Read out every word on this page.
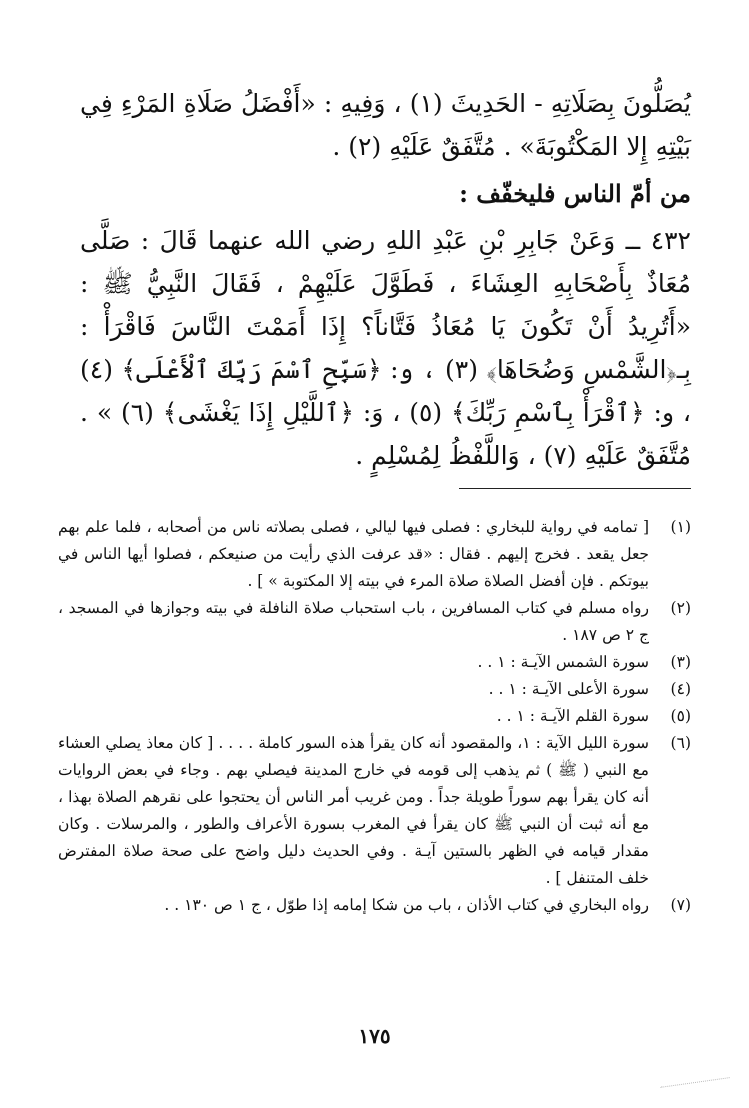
يُصَلُّونَ بِصَلَاتِهِ - الحَدِيثَ (١) ، وَفِيهِ : «أَفْضَلُ صَلَاةِ المَرْءِ فِي بَيْتِهِ إِلا المَكْتُوبَةَ» . مُتَّفَقٌ عَلَيْهِ (٢) .

من أمّ الناس فليخفّف :

٤٣٢ ــ وَعَنْ جَابِرِ بْنِ عَبْدِ اللهِ رضي الله عنهما قَالَ : صَلَّى مُعَاذٌ بِأَصْحَابِهِ العِشَاءَ ، فَطَوَّلَ عَلَيْهِمْ ، فَقَالَ النَّبِيُّ ﷺ : «أَتُرِيدُ أَنْ تَكُونَ يَا مُعَاذُ فَتَّاناً؟ إِذَا أَمَمْتَ النَّاسَ فَاقْرَأْ : بِـ﴿الشَّمْسِ وَضُحَاهَا﴾ (٣) ، و: ﴿سَبِّحِ ٱسْمَ رَبِّكَ ٱلْأَعْلَى﴾ (٤) ، و: ﴿ٱقْرَأْ بِٱسْمِ رَبِّكَ﴾ (٥) ، وَ: ﴿ٱللَّيْلِ إِذَا يَغْشَى﴾ (٦) » . مُتَّفَقٌ عَلَيْهِ (٧) ، وَاللَّفْظُ لِمُسْلِمٍ .

(١)
[ تمامه في رواية للبخاري : فصلى فيها ليالي ، فصلى بصلاته ناس من أصحابه ، فلما علم بهم جعل يقعد . فخرج إليهم . فقال : «قد عرفت الذي رأيت من صنيعكم ، فصلوا أيها الناس في بيوتكم . فإن أفضل الصلاة صلاة المرء في بيته إلا المكتوبة » ] .
(٢)
رواه مسلم في كتاب المسافرين ، باب استحباب صلاة النافلة في بيته وجوازها في المسجد ، ج ٢ ص ١٨٧ .
(٣)
سورة الشمس الآيـة : ١ . .
(٤)
سورة الأعلى الآيـة : ١ . .
(٥)
سورة القلم الآيـة : ١ . .
(٦)
سورة الليل الآية : ١، والمقصود أنه كان يقرأ هذه السور كاملة . . . . [ كان معاذ يصلي العشاء مع النبي ( ﷺ ) ثم يذهب إلى قومه في خارج المدينة فيصلي بهم . وجاء في بعض الروايات أنه كان يقرأ بهم سوراً طويلة جداً . ومن غريب أمر الناس أن يحتجوا على نقرهم الصلاة بهذا ، مع أنه ثبت أن النبي ﷺ كان يقرأ في المغرب بسورة الأعراف والطور ، والمرسلات . وكان مقدار قيامه في الظهر بالستين آيـة . وفي الحديث دليل واضح على صحة صلاة المفترض خلف المتنفل ] .
(٧)
رواه البخاري في كتاب الأذان ، باب من شكا إمامه إذا طوّل ، ج ١ ص ١٣٠ . .
١٧٥
